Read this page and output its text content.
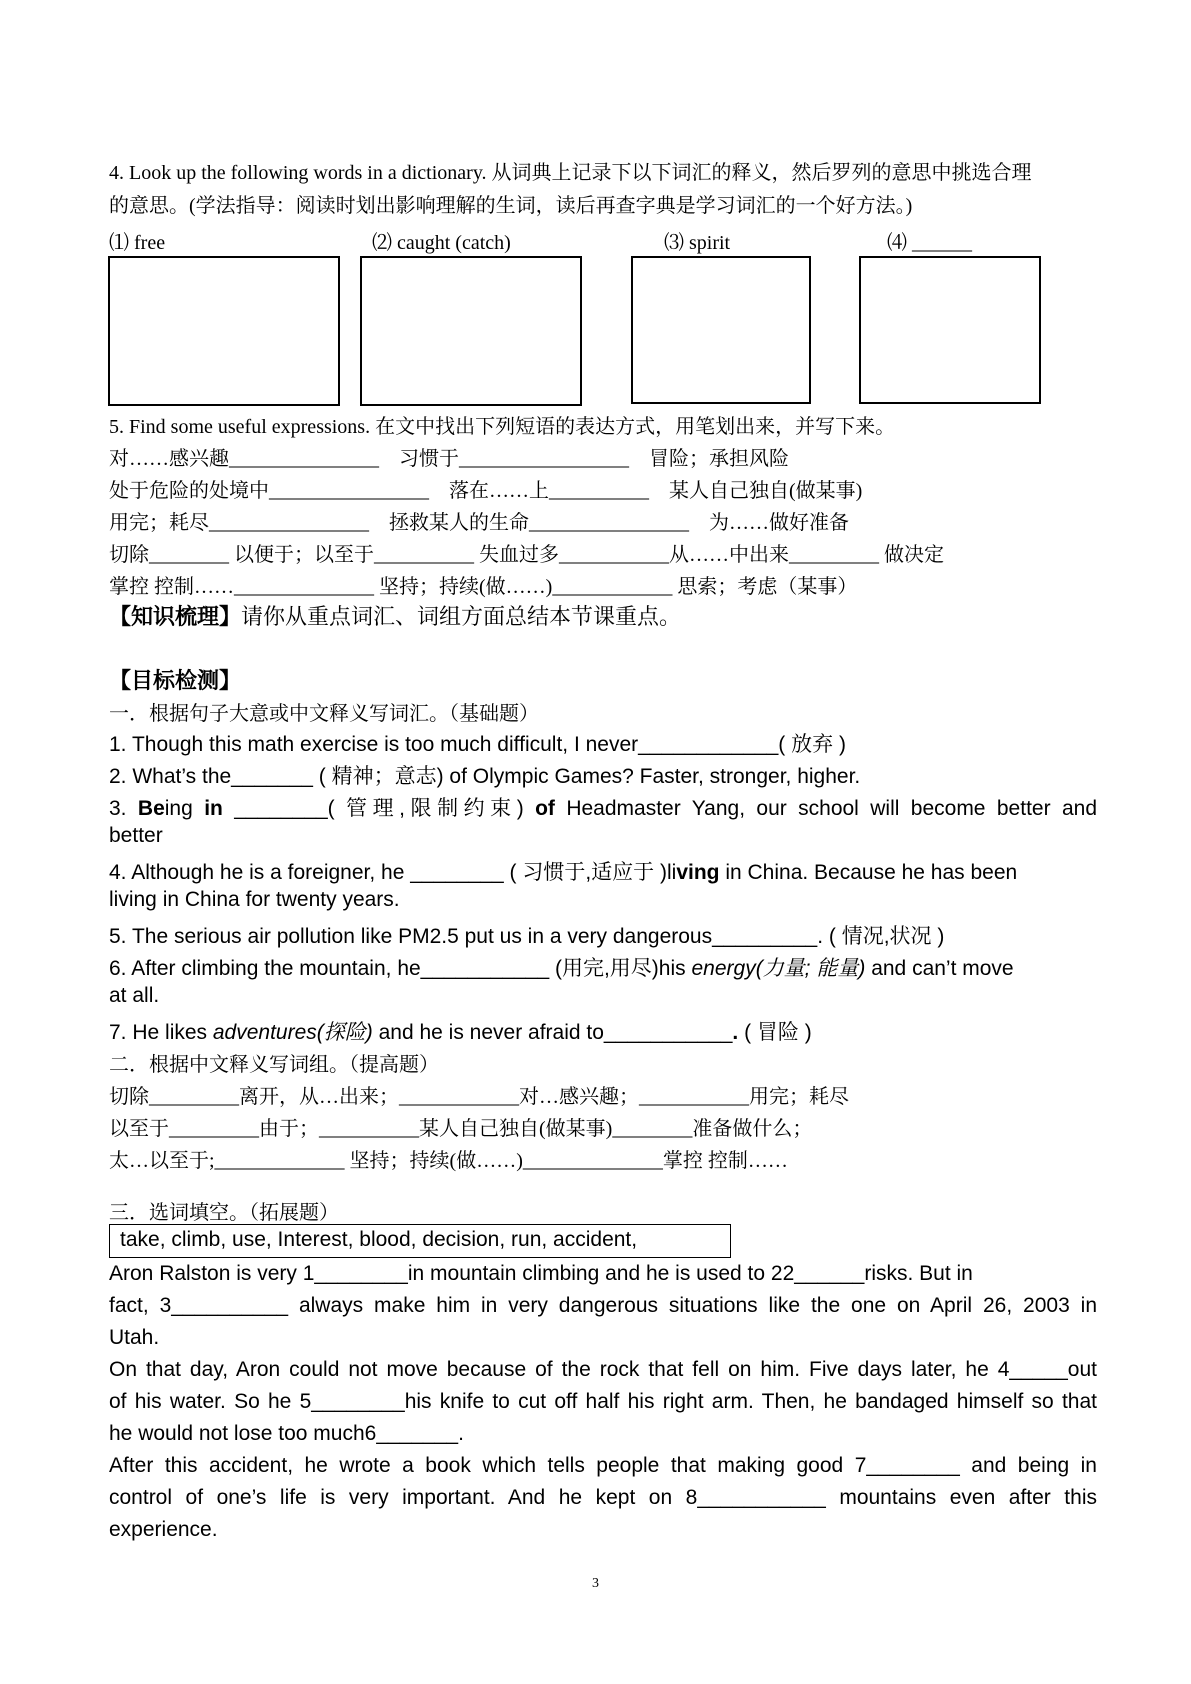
4. Look up the following words in a dictionary. 从词典上记录下以下词汇的释义，然后罗列的意思中挑选合理
的意思。(学法指导：阅读时划出影响理解的生词，读后再查字典是学习词汇的一个好方法。)
⑴ free	⑵ caught (catch)	⑶ spirit	⑷ ______
5. Find some useful expressions. 在文中找出下列短语的表达方式，用笔划出来，并写下来。
对……感兴趣_______________　习惯于_________________　冒险；承担风险
处于危险的处境中________________　落在……上__________　某人自己独自(做某事)
用完；耗尽________________　拯救某人的生命________________　为……做好准备
切除________ 以便于；以至于__________ 失血过多___________从……中出来_________ 做决定
掌控 控制……______________ 坚持；持续(做……)____________ 思索；考虑（某事）
【知识梳理】请你从重点词汇、词组方面总结本节课重点。
【目标检测】
一．根据句子大意或中文释义写词汇。（基础题）
1. Though this math exercise is too much difficult, I never____________( 放弃 )
2. What’s the_______ ( 精神；意志) of Olympic Games? Faster, stronger, higher.
3. Being in ________( 管理,限制约束) of Headmaster Yang, our school will become better and
better
4. Although he is a foreigner, he ________ ( 习惯于,适应于 )living in China. Because he has been
living in China for twenty years.
5. The serious air pollution like PM2.5 put us in a very dangerous_________. ( 情况,状况 )
6. After climbing the mountain, he___________ (用完,用尽)his energy(力量; 能量) and can’t move
at all.
7. He likes adventures(探险) and he is never afraid to___________. ( 冒险 )
二．根据中文释义写词组。（提高题）
切除_________离开，从…出来；____________对…感兴趣；___________用完；耗尽
以至于_________由于；__________某人自己独自(做某事)________准备做什么；
太…以至于;_____________ 坚持；持续(做……)______________掌控 控制……
三．选词填空。（拓展题）
take, climb, use, Interest, blood, decision, run, accident,
Aron Ralston is very 1________in mountain climbing and he is used to 22______risks. But in
fact, 3__________ always make him in very dangerous situations like the one on April 26, 2003 in
Utah.
On that day, Aron could not move because of the rock that fell on him. Five days later, he 4_____out
of his water. So he 5________his knife to cut off half his right arm. Then, he bandaged himself so that
he would not lose too much6_______.
After this accident, he wrote a book which tells people that making good 7________ and being in
control of one’s life is very important. And he kept on 8___________ mountains even after this
experience.
3
